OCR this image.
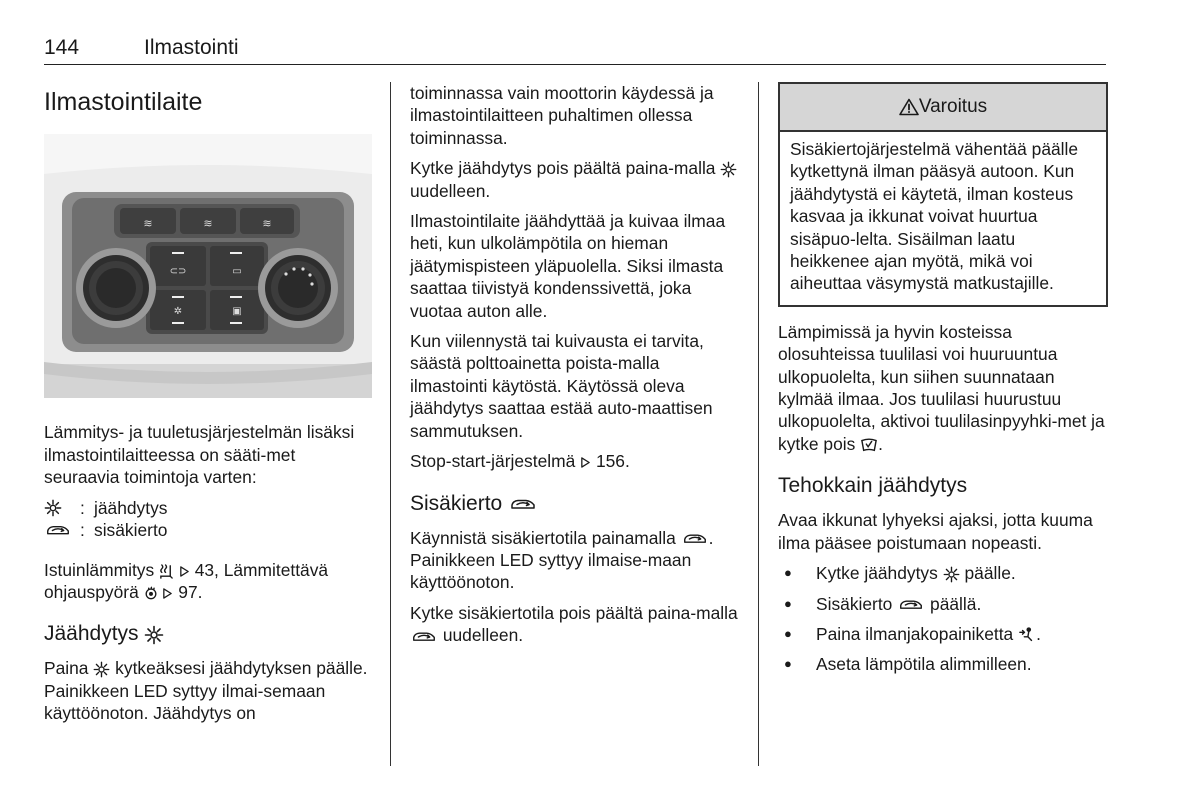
144	Ilmastointi
Ilmastointilaite
≋	≋	≋
⊂⊃	▭
✲	▣

Lämmitys- ja tuuletusjärjestelmän lisäksi ilmastointilaitteessa on sääti-met seuraavia toimintoja varten:

: jäähdytys
: sisäkierto

Istuinlämmitys 43, Lämmitettävä ohjauspyörä 97.

Jäähdytys

Paina kytkeäksesi jäähdytyksen päälle. Painikkeen LED syttyy ilmai-semaan käyttöönoton. Jäähdytys on

toiminnassa vain moottorin käydessä ja ilmastointilaitteen puhaltimen ollessa toiminnassa.

Kytke jäähdytys pois päältä paina-malla  uudelleen.

Ilmastointilaite jäähdyttää ja kuivaa ilmaa heti, kun ulkolämpötila on hieman jäätymispisteen yläpuolella. Siksi ilmasta saattaa tiivistyä kondenssivettä, joka vuotaa auton alle.

Kun viilennystä tai kuivausta ei tarvita, säästä polttoainetta poista-malla ilmastointi käytöstä. Käytössä oleva jäähdytys saattaa estää auto-maattisen sammutuksen.

Stop-start-järjestelmä 156.

Sisäkierto

Käynnistä sisäkiertotila painamalla . Painikkeen LED syttyy ilmaise-maan käyttöönoton.

Kytke sisäkiertotila pois päältä paina-malla  uudelleen.

Varoitus
Sisäkiertojärjestelmä vähentää päälle kytkettynä ilman pääsyä autoon. Kun jäähdytystä ei käytetä, ilman kosteus kasvaa ja ikkunat voivat huurtua sisäpuo-lelta. Sisäilman laatu heikkenee ajan myötä, mikä voi aiheuttaa väsymystä matkustajille.

Lämpimissä ja hyvin kosteissa olosuhteissa tuulilasi voi huuruuntua ulkopuolelta, kun siihen suunnataan kylmää ilmaa. Jos tuulilasi huurustuu ulkopuolelta, aktivoi tuulilasinpyyhki-met ja kytke pois .

Tehokkain jäähdytys

Avaa ikkunat lyhyeksi ajaksi, jotta kuuma ilma pääsee poistumaan nopeasti.

● Kytke jäähdytys päälle.
● Sisäkierto päällä.
● Paina ilmanjakopainiketta .
● Aseta lämpötila alimmilleen.
